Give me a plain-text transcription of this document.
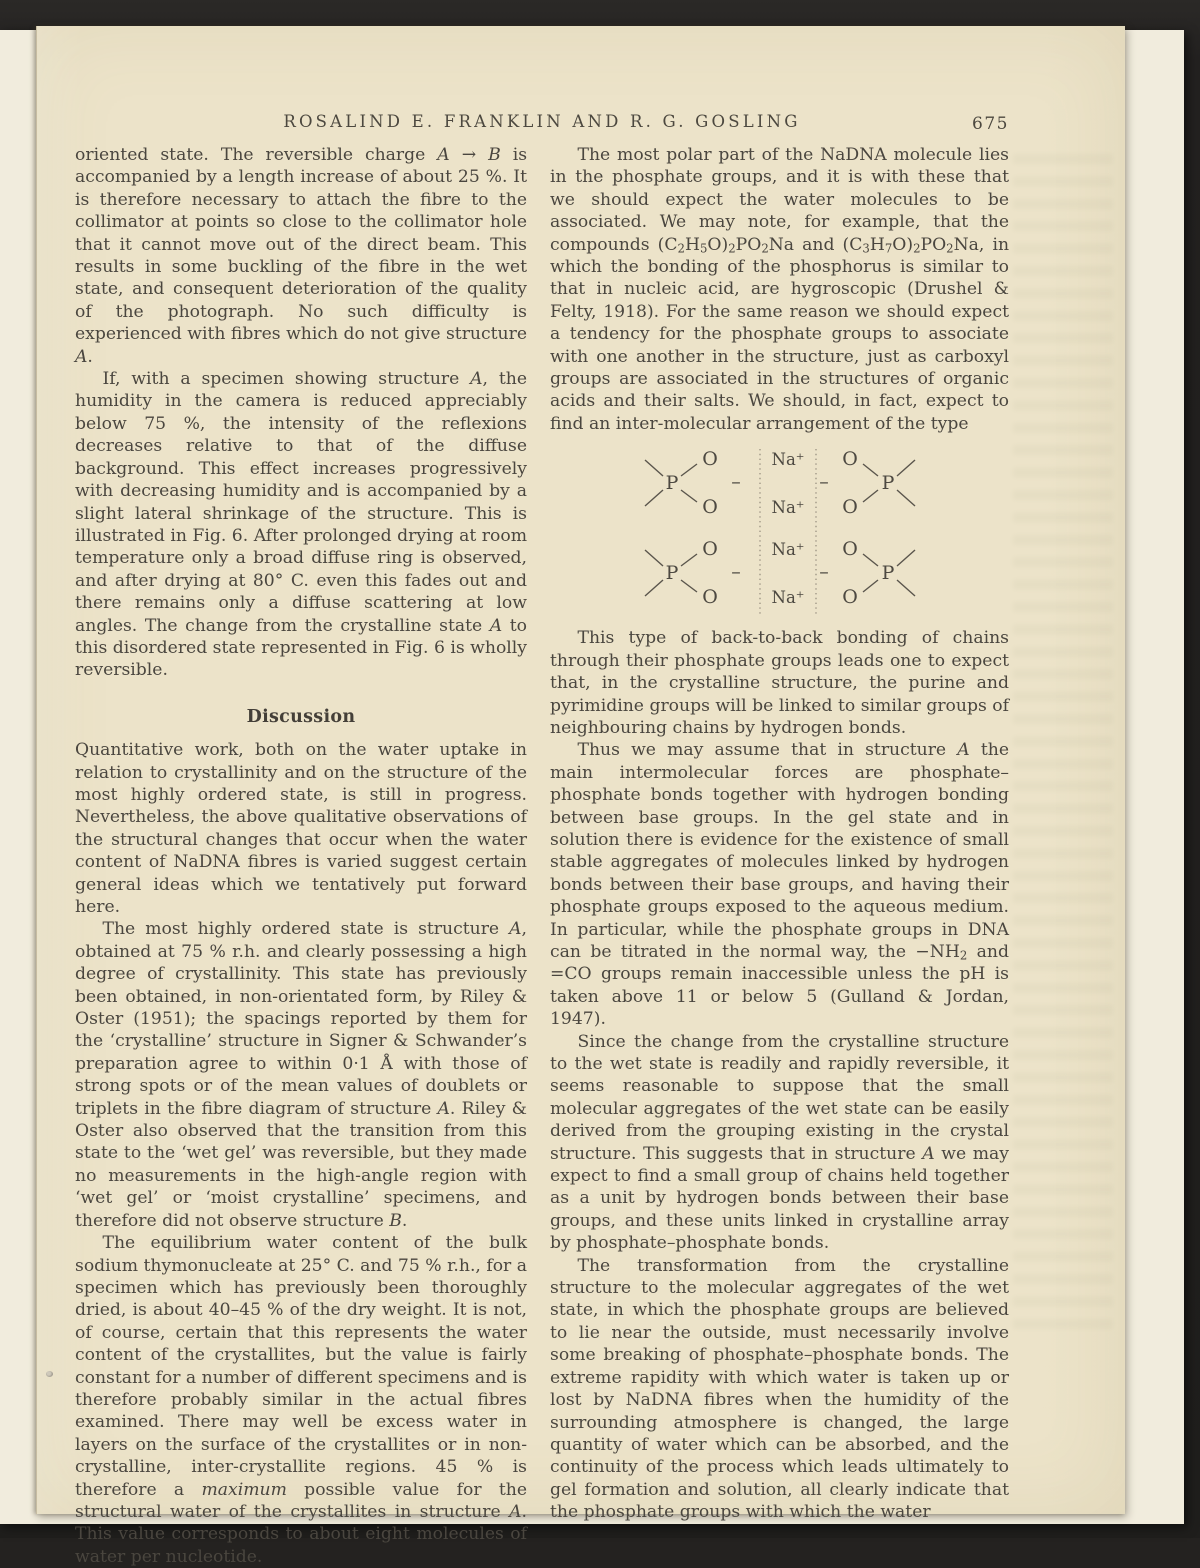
ROSALIND E. FRANKLIN AND R. G. GOSLING	675

oriented state. The reversible charge A → B is accompanied by a length increase of about 25 %. It is therefore necessary to attach the fibre to the collimator at points so close to the collimator hole that it cannot move out of the direct beam. This results in some buckling of the fibre in the wet state, and consequent deterioration of the quality of the photograph. No such difficulty is experienced with fibres which do not give structure A.

If, with a specimen showing structure A, the humidity in the camera is reduced appreciably below 75 %, the intensity of the reflexions decreases relative to that of the diffuse background. This effect increases progressively with decreasing humidity and is accompanied by a slight lateral shrinkage of the structure. This is illustrated in Fig. 6. After prolonged drying at room temperature only a broad diffuse ring is observed, and after drying at 80° C. even this fades out and there remains only a diffuse scattering at low angles. The change from the crystalline state A to this disordered state represented in Fig. 6 is wholly reversible.

Discussion

Quantitative work, both on the water uptake in relation to crystallinity and on the structure of the most highly ordered state, is still in progress. Nevertheless, the above qualitative observations of the structural changes that occur when the water content of NaDNA fibres is varied suggest certain general ideas which we tentatively put forward here.

The most highly ordered state is structure A, obtained at 75 % r.h. and clearly possessing a high degree of crystallinity. This state has previously been obtained, in non-orientated form, by Riley & Oster (1951); the spacings reported by them for the ‘crystalline’ structure in Signer & Schwander’s preparation agree to within 0·1 Å with those of strong spots or of the mean values of doublets or triplets in the fibre diagram of structure A. Riley & Oster also observed that the transition from this state to the ‘wet gel’ was reversible, but they made no measurements in the high-angle region with ‘wet gel’ or ‘moist crystalline’ specimens, and therefore did not observe structure B.

The equilibrium water content of the bulk sodium thymonucleate at 25° C. and 75 % r.h., for a specimen which has previously been thoroughly dried, is about 40–45 % of the dry weight. It is not, of course, certain that this represents the water content of the crystallites, but the value is fairly constant for a number of different specimens and is therefore probably similar in the actual fibres examined. There may well be excess water in layers on the surface of the crystallites or in non-crystalline, inter-crystallite regions. 45 % is therefore a maximum possible value for the structural water of the crystallites in structure A. This value corresponds to about eight molecules of water per nucleotide.

The most polar part of the NaDNA molecule lies in the phosphate groups, and it is with these that we should expect the water molecules to be associated. We may note, for example, that the compounds $(C_2H_5O)_2PO_2Na$ and $(C_3H_7O)_2PO_2Na$, in which the bonding of the phosphorus is similar to that in nucleic acid, are hygroscopic (Drushel & Felty, 1918). For the same reason we should expect a tendency for the phosphate groups to associate with one another in the structure, just as carboxyl groups are associated in the structures of organic acids and their salts. We should, in fact, expect to find an inter-molecular arrangement of the type

P
O
O
–
Na⁺
Na⁺
–
O
O
P
P
O
O
–
Na⁺
Na⁺
–
O
O
P

This type of back-to-back bonding of chains through their phosphate groups leads one to expect that, in the crystalline structure, the purine and pyrimidine groups will be linked to similar groups of neighbouring chains by hydrogen bonds.

Thus we may assume that in structure A the main intermolecular forces are phosphate–phosphate bonds together with hydrogen bonding between base groups. In the gel state and in solution there is evidence for the existence of small stable aggregates of molecules linked by hydrogen bonds between their base groups, and having their phosphate groups exposed to the aqueous medium. In particular, while the phosphate groups in DNA can be titrated in the normal way, the $-NH_2$ and =CO groups remain inaccessible unless the pH is taken above 11 or below 5 (Gulland & Jordan, 1947).

Since the change from the crystalline structure to the wet state is readily and rapidly reversible, it seems reasonable to suppose that the small molecular aggregates of the wet state can be easily derived from the grouping existing in the crystal structure. This suggests that in structure A we may expect to find a small group of chains held together as a unit by hydrogen bonds between their base groups, and these units linked in crystalline array by phosphate–phosphate bonds.

The transformation from the crystalline structure to the molecular aggregates of the wet state, in which the phosphate groups are believed to lie near the outside, must necessarily involve some breaking of phosphate–phosphate bonds. The extreme rapidity with which water is taken up or lost by NaDNA fibres when the humidity of the surrounding atmosphere is changed, the large quantity of water which can be absorbed, and the continuity of the process which leads ultimately to gel formation and solution, all clearly indicate that the phosphate groups with which the water
